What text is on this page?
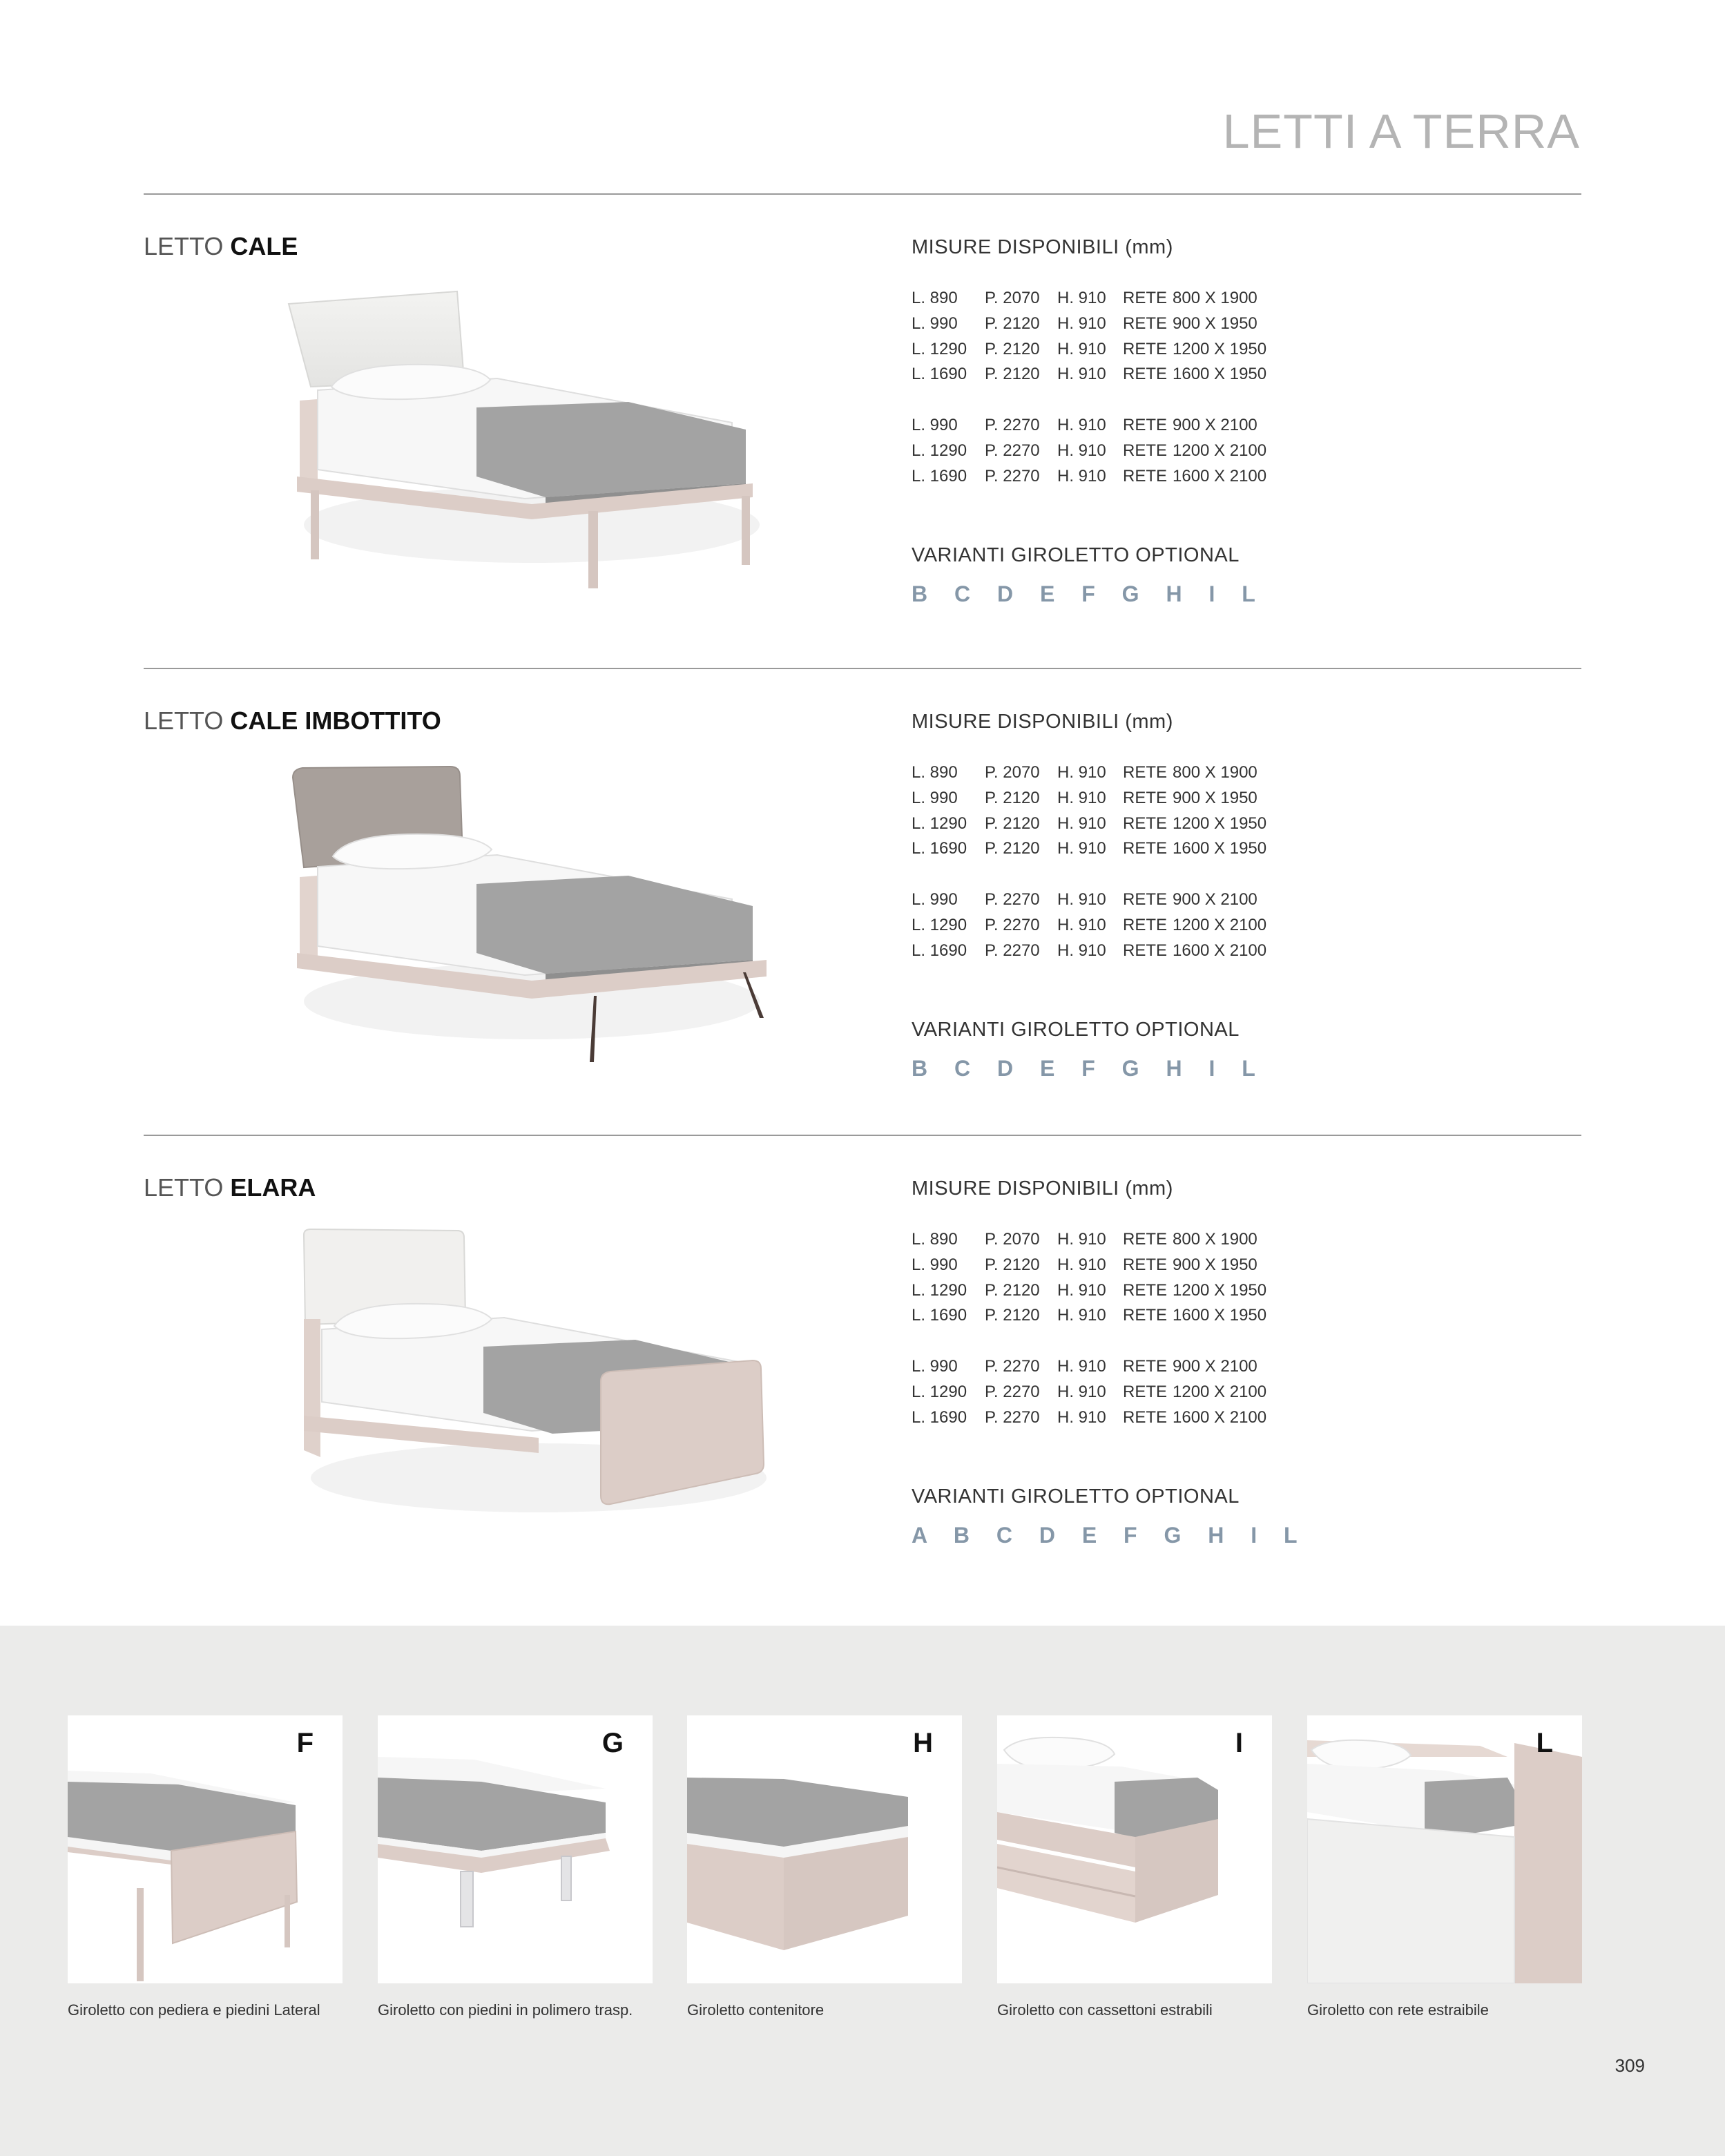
LETTI A TERRA
LETTO CALE	MISURE DISPONIBILI (mm)
L. 890	P. 2070	H. 910	RETE 800 X 1900
L. 990	P. 2120	H. 910	RETE 900 X 1950
L. 1290	P. 2120	H. 910	RETE 1200 X 1950
L. 1690	P. 2120	H. 910	RETE 1600 X 1950
L. 990	P. 2270	H. 910	RETE 900 X 2100
L. 1290	P. 2270	H. 910	RETE 1200 X 2100
L. 1690	P. 2270	H. 910	RETE 1600 X 2100
VARIANTI GIROLETTO OPTIONAL
B C D E F G H I L
LETTO CALE IMBOTTITO	MISURE DISPONIBILI (mm)
L. 890	P. 2070	H. 910	RETE 800 X 1900
L. 990	P. 2120	H. 910	RETE 900 X 1950
L. 1290	P. 2120	H. 910	RETE 1200 X 1950
L. 1690	P. 2120	H. 910	RETE 1600 X 1950
L. 990	P. 2270	H. 910	RETE 900 X 2100
L. 1290	P. 2270	H. 910	RETE 1200 X 2100
L. 1690	P. 2270	H. 910	RETE 1600 X 2100
VARIANTI GIROLETTO OPTIONAL
B C D E F G H I L
LETTO ELARA	MISURE DISPONIBILI (mm)
L. 890	P. 2070	H. 910	RETE 800 X 1900
L. 990	P. 2120	H. 910	RETE 900 X 1950
L. 1290	P. 2120	H. 910	RETE 1200 X 1950
L. 1690	P. 2120	H. 910	RETE 1600 X 1950
L. 990	P. 2270	H. 910	RETE 900 X 2100
L. 1290	P. 2270	H. 910	RETE 1200 X 2100
L. 1690	P. 2270	H. 910	RETE 1600 X 2100
VARIANTI GIROLETTO OPTIONAL
A B C D E F G H I L
F
Giroletto con pediera e piedini Lateral
G
Giroletto con piedini in polimero trasp.
H
Giroletto contenitore
I
Giroletto con cassettoni estrabili
L
Giroletto con rete estraibile
309
